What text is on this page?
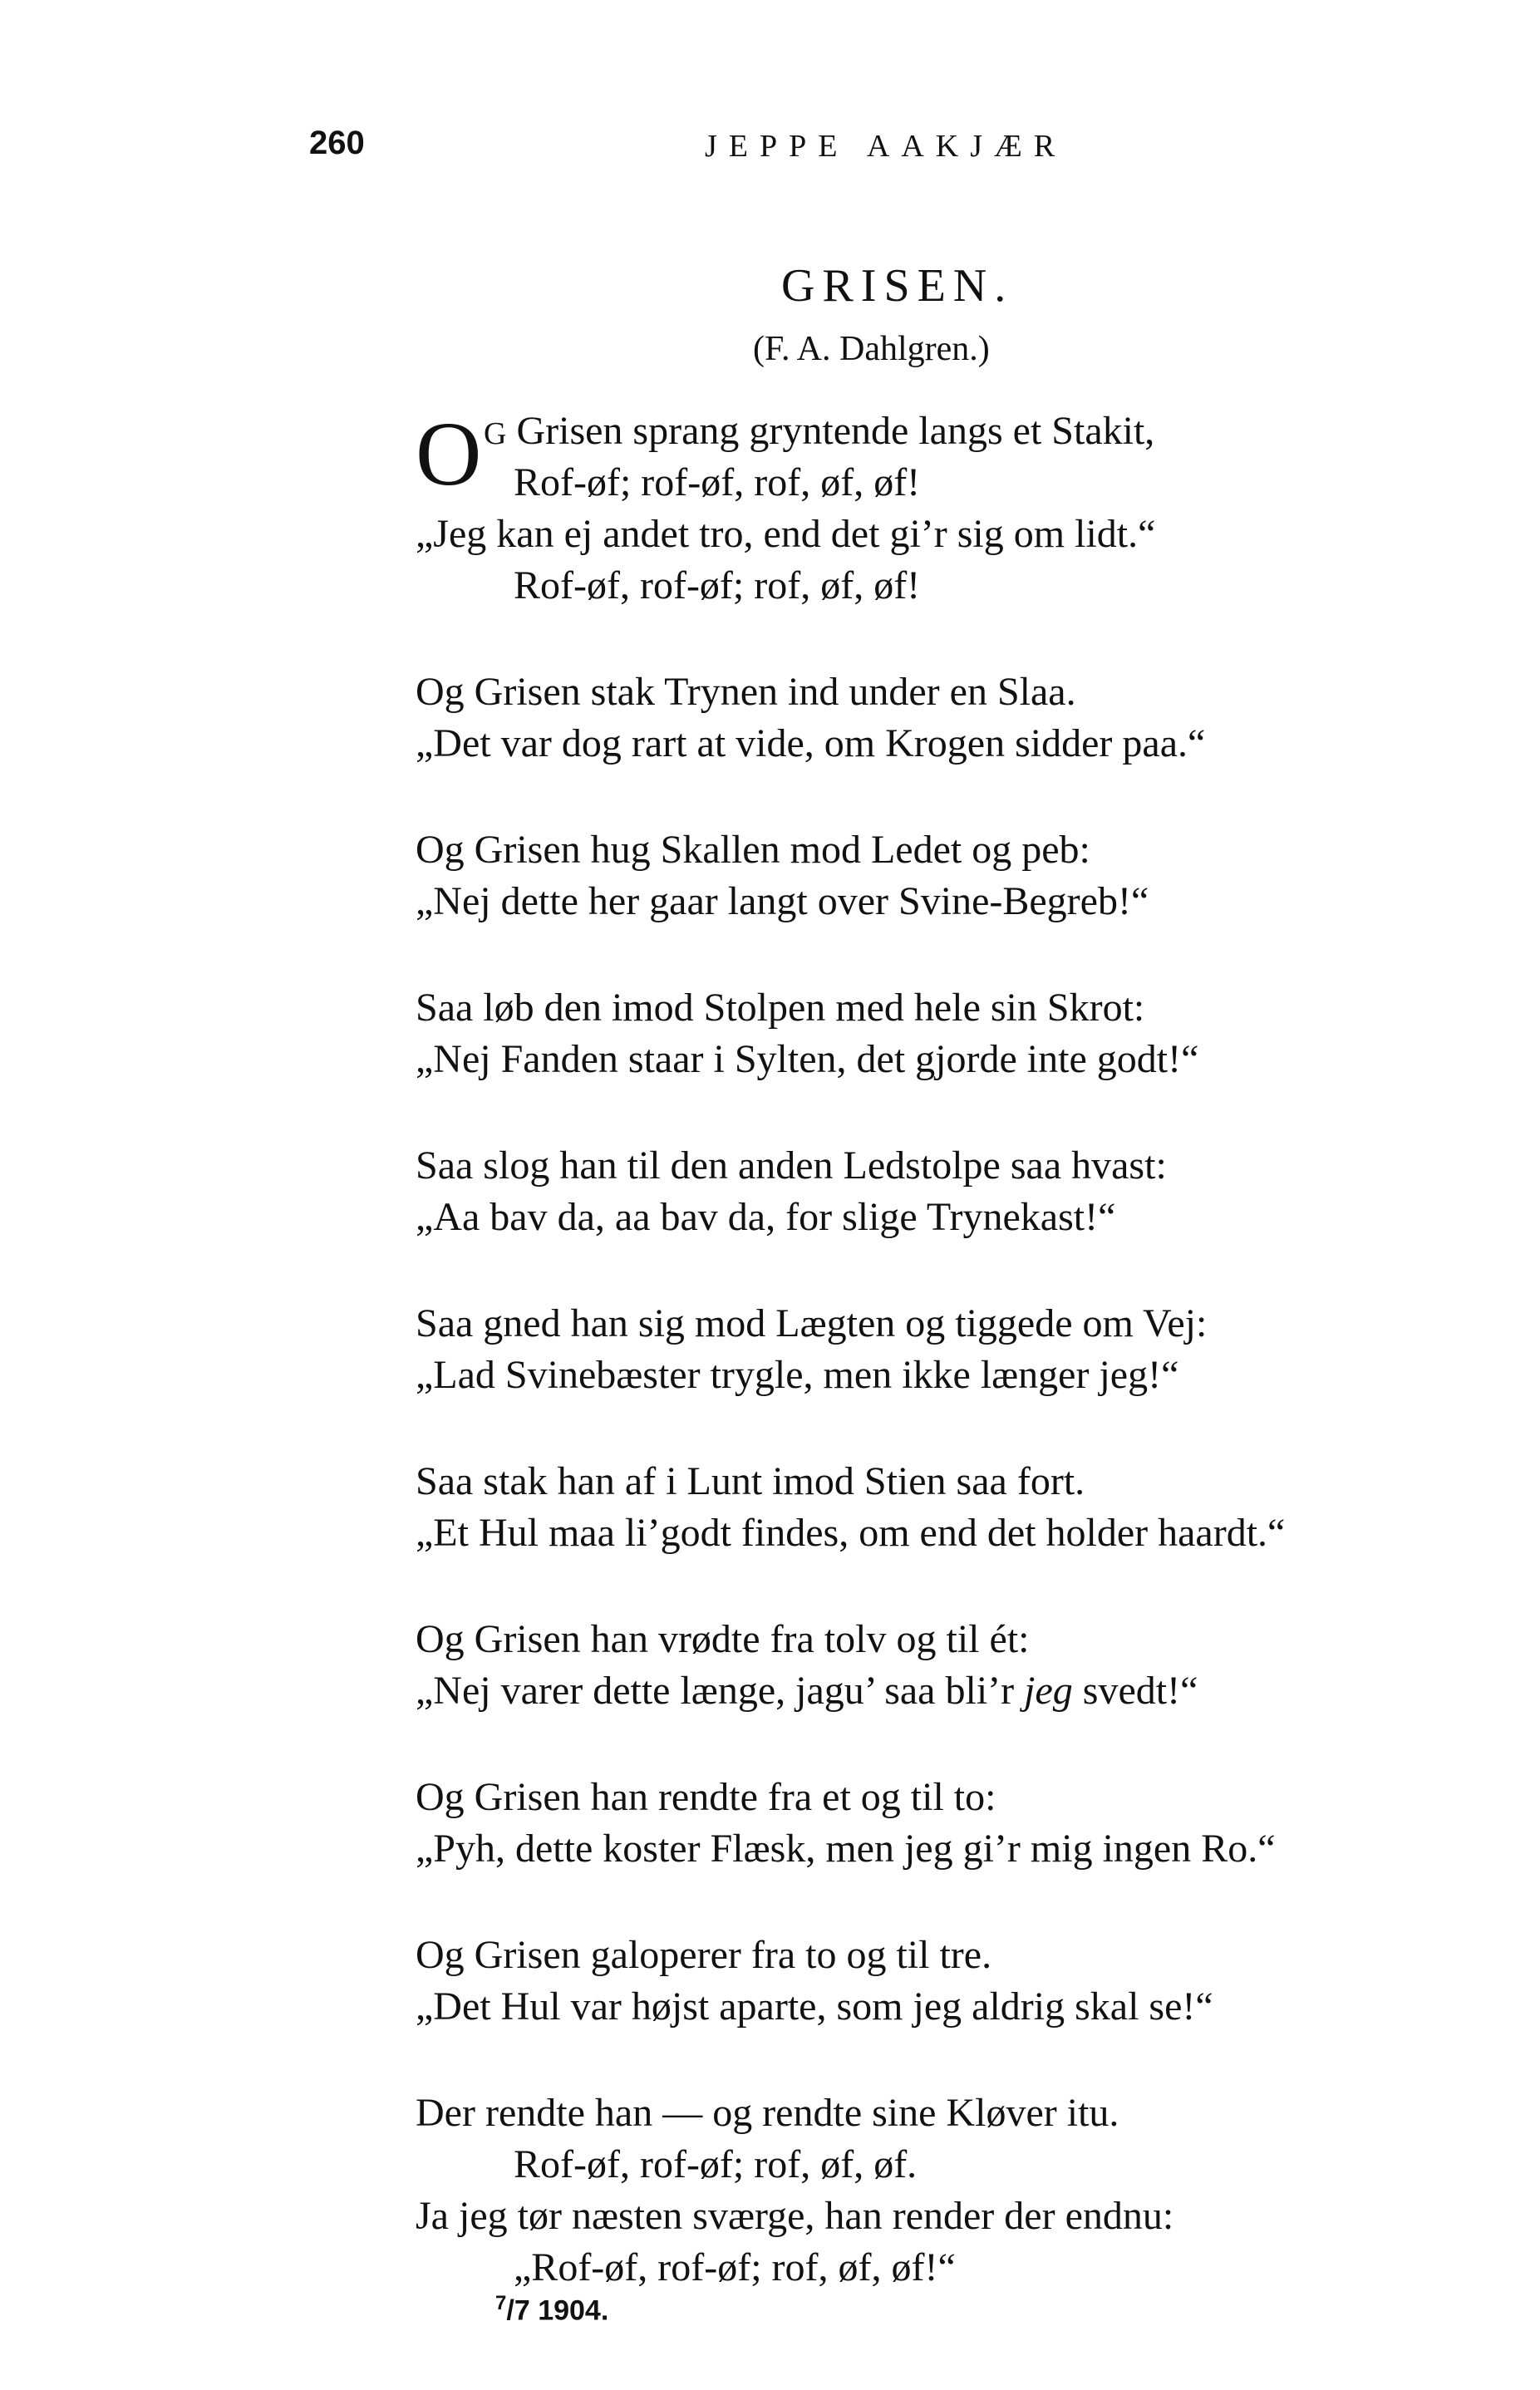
260	JEPPE AAKJÆR
GRISEN.
(F. A. Dahlgren.)
O G Grisen sprang gryntende langs et Stakit,
Rof-øf; rof-øf, rof, øf, øf!
„Jeg kan ej andet tro, end det gi’r sig om lidt.“
Rof-øf, rof-øf; rof, øf, øf!
Og Grisen stak Trynen ind under en Slaa.
„Det var dog rart at vide, om Krogen sidder paa.“
Og Grisen hug Skallen mod Ledet og peb:
„Nej dette her gaar langt over Svine-Begreb!“
Saa løb den imod Stolpen med hele sin Skrot:
„Nej Fanden staar i Sylten, det gjorde inte godt!“
Saa slog han til den anden Ledstolpe saa hvast:
„Aa bav da, aa bav da, for slige Trynekast!“
Saa gned han sig mod Lægten og tiggede om Vej:
„Lad Svinebæster trygle, men ikke længer jeg!“
Saa stak han af i Lunt imod Stien saa fort.
„Et Hul maa li’godt findes, om end det holder haardt.“
Og Grisen han vrødte fra tolv og til ét:
„Nej varer dette længe, jagu’ saa bli’r jeg svedt!“
Og Grisen han rendte fra et og til to:
„Pyh, dette koster Flæsk, men jeg gi’r mig ingen Ro.“
Og Grisen galoperer fra to og til tre.
„Det Hul var højst aparte, som jeg aldrig skal se!“
Der rendte han — og rendte sine Kløver itu.
Rof-øf, rof-øf; rof, øf, øf.
Ja jeg tør næsten sværge, han render der endnu:
„Rof-øf, rof-øf; rof, øf, øf!“
$^7$/7 1904.
